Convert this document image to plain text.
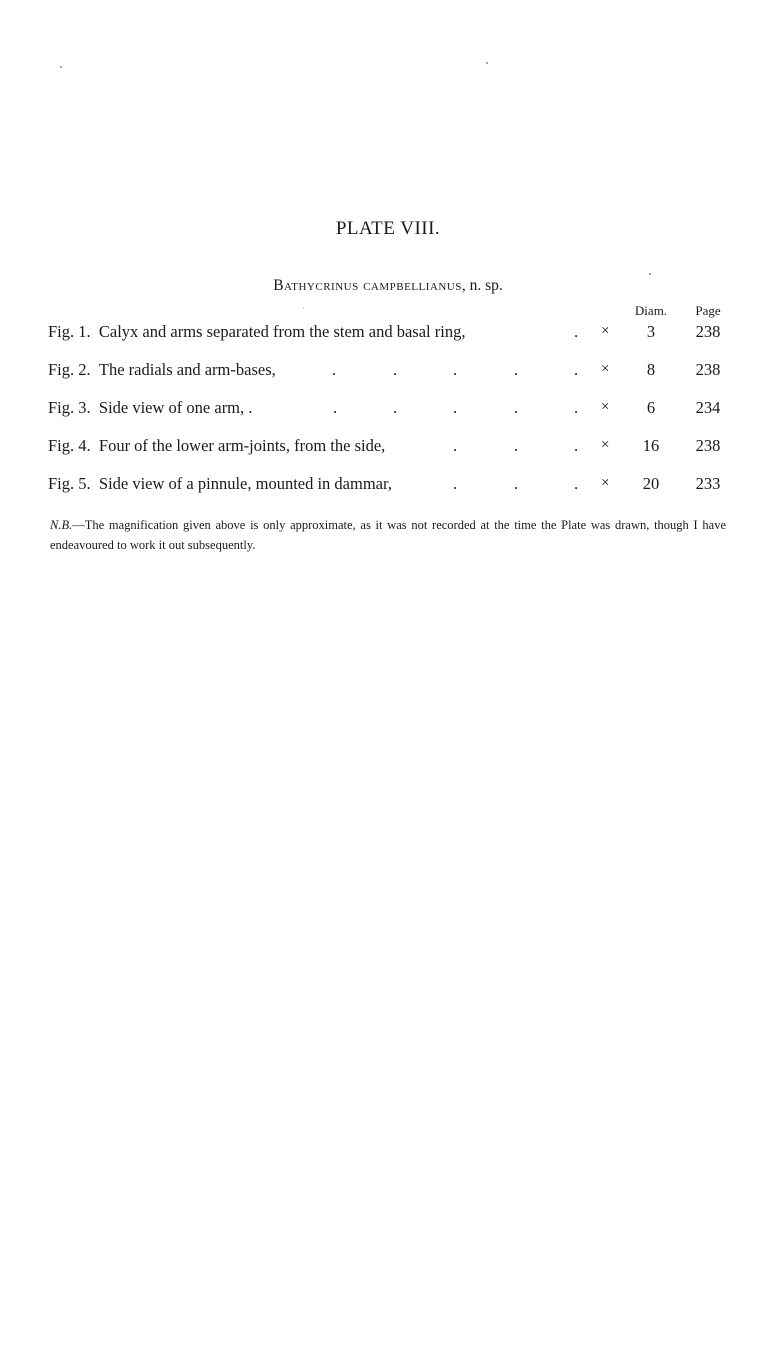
PLATE VIII.
Bathycrinus campbellianus, n. sp.
Diam.	Page
Fig. 1. Calyx and arms separated from the stem and basal ring,	. ×	3	238
Fig. 2. The radials and arm-bases,	.	.	.	.	. ×	8	238
Fig. 3. Side view of one arm, .	.	.	.	.	. ×	6	234
Fig. 4. Four of the lower arm-joints, from the side,	.	.	. ×	16	238
Fig. 5. Side view of a pinnule, mounted in dammar,	.	.	. ×	20	233
N.B.—The magnification given above is only approximate, as it was not recorded at the time the Plate was drawn, though I have endeavoured to work it out subsequently.
